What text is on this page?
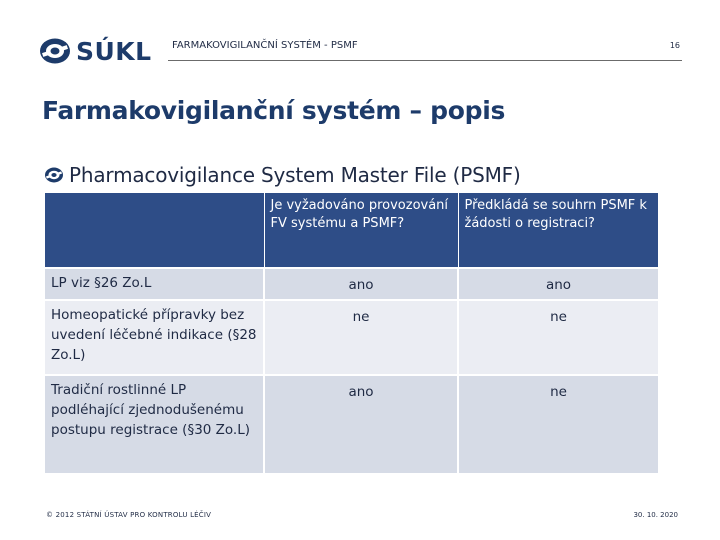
SÚKL FARMAKOVIGILANČNÍ SYSTÉM - PSMF	16
Farmakovigilanční systém – popis
Pharmacovigilance System Master File (PSMF)
	Je vyžadováno provozování FV systému a PSMF?	Předkládá se souhrn PSMF k žádosti o registraci?
LP viz §26 Zo.L	ano	ano
Homeopatické přípravky bez uvedení léčebné indikace (§28 Zo.L)	ne	ne
Tradiční rostlinné LP podléhající zjednodušenému postupu registrace (§30 Zo.L)	ano	ne
© 2012 STÁTNÍ ÚSTAV PRO KONTROLU LÉČIV	30. 10. 2020
